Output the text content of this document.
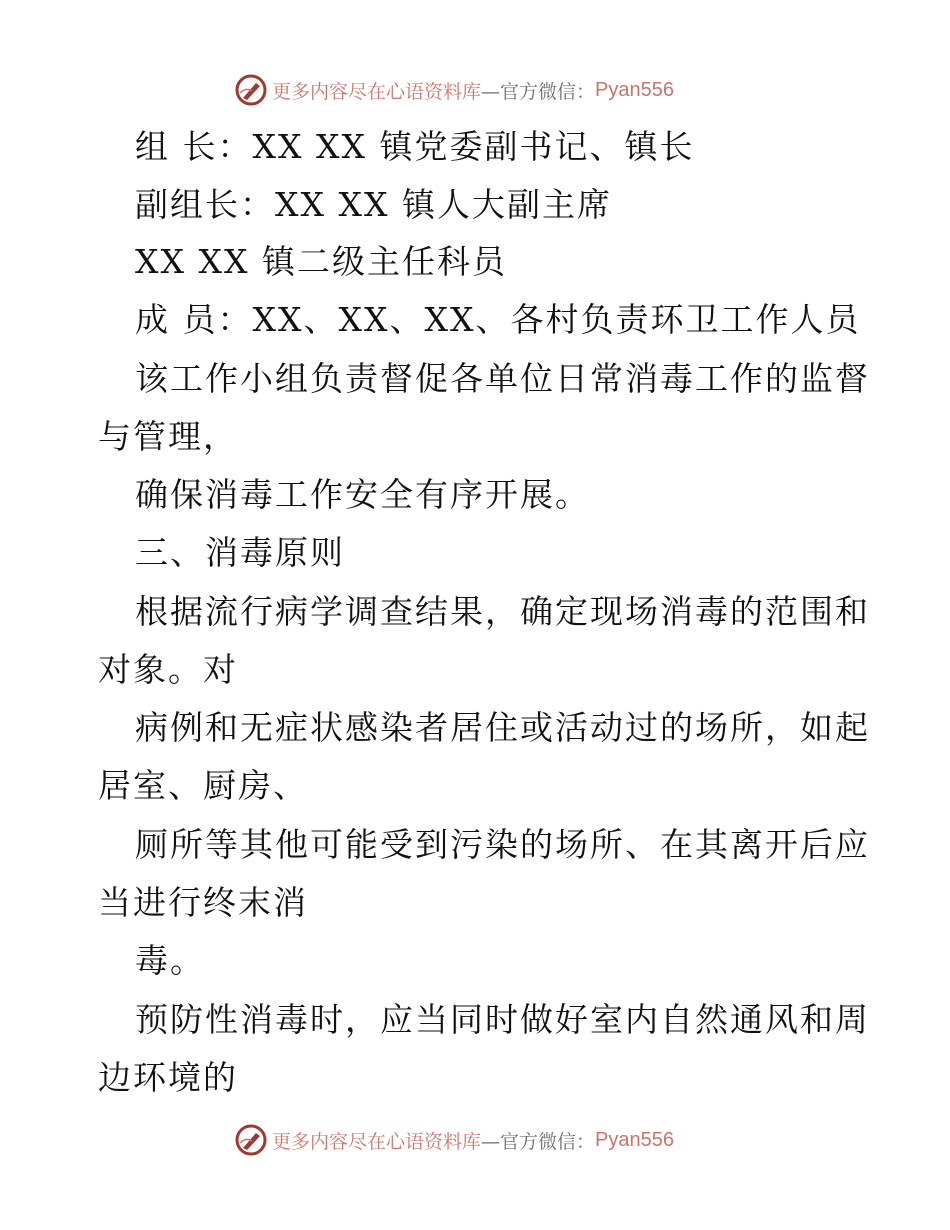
更多内容尽在心语资料库 —官方微信： Pyan556
组 长：XX XX 镇党委副书记、镇长
副组长：XX XX 镇人大副主席
XX XX 镇二级主任科员
成 员：XX、XX、XX、各村负责环卫工作人员
该工作小组负责督促各单位日常消毒工作的监督
与管理，
确保消毒工作安全有序开展。
三、消毒原则
根据流行病学调查结果，确定现场消毒的范围和
对象。对
病例和无症状感染者居住或活动过的场所，如起
居室、厨房、
厕所等其他可能受到污染的场所、在其离开后应
当进行终末消
毒。
预防性消毒时，应当同时做好室内自然通风和周
边环境的
更多内容尽在心语资料库 —官方微信： Pyan556
